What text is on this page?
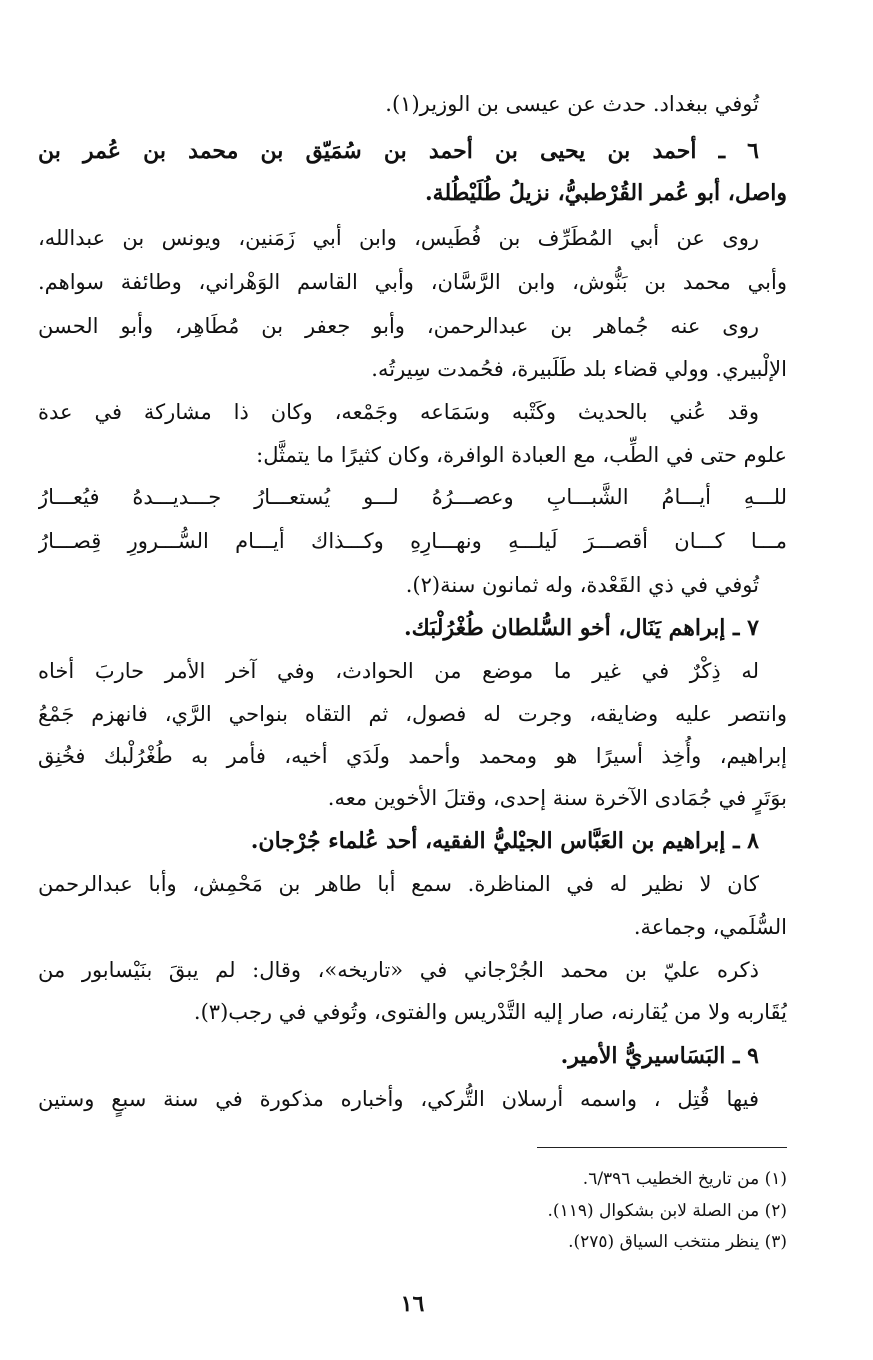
تُوفي ببغداد. حدث عن عيسى بن الوزير(١).
٦ ـ أحمد بن يحيى بن أحمد بن سُمَيّق بن محمد بن عُمر بن
واصل، أبو عُمر القُرْطبيُّ، نزيلُ طُلَيْطُلة.
روى عن أبي المُطَرِّف بن فُطَيس، وابن أبي زَمَنين، ويونس بن عبدالله،
وأبي محمد بن بَنُّوش، وابن الرَّسَّان، وأبي القاسم الوَهْراني، وطائفة سواهم.
روى عنه جُماهر بن عبدالرحمن، وأبو جعفر بن مُطَاهِر، وأبو الحسن
الإلْبيري. وولي قضاء بلد طَلَبيرة، فحُمدت سِيرتُه.
وقد عُني بالحديث وكَتْبه وسَمَاعه وجَمْعه، وكان ذا مشاركة في عدة
علوم حتى في الطِّب، مع العبادة الوافرة، وكان كثيرًا ما يتمثَّل:
للـــهِ أيـــامُ الشَّبـــابِ وعصـــرُهُ لـــو يُستعـــارُ جـــديـــدهُ فيُعـــارُ
مـــا كـــان أقصـــرَ لَيلـــهِ ونهـــارِهِ وكـــذاك أيـــام السُّـــرورِ قِصـــارُ
تُوفي في ذي القَعْدة، وله ثمانون سنة(٢).
٧ ـ إبراهم يَنَال، أخو السُّلطان طُغْرُلْبَك.
له ذِكْرٌ في غير ما موضع من الحوادث، وفي آخر الأمر حاربَ أخاه
وانتصر عليه وضايقه، وجرت له فصول، ثم التقاه بنواحي الرَّي، فانهزم جَمْعُ
إبراهيم، وأُخِذ أسيرًا هو ومحمد وأحمد ولَدَي أخيه، فأمر به طُغْرُلْبك فخُنِق
بوَتَرٍ في جُمَادى الآخرة سنة إحدى، وقتلَ الأخوين معه.
٨ ـ إبراهيم بن العَبَّاس الجيْليُّ الفقيه، أحد عُلماء جُرْجان.
كان لا نظير له في المناظرة. سمع أبا طاهر بن مَحْمِش، وأبا عبدالرحمن
السُّلَمي، وجماعة.
ذكره عليّ بن محمد الجُرْجاني في «تاريخه»، وقال: لم يبقَ بنَيْسابور من
يُقَاربه ولا من يُقارنه، صار إليه التَّدْريس والفتوى، وتُوفي في رجب(٣).
٩ ـ البَسَاسيريُّ الأمير.
فيها قُتِل ، واسمه أرسلان التُّركي، وأخباره مذكورة في سنة سبعٍ وستين
(١) من تاريخ الخطيب ٦/٣٩٦.
(٢) من الصلة لابن بشكوال (١١٩).
(٣) ينظر منتخب السياق (٢٧٥).
١٦
